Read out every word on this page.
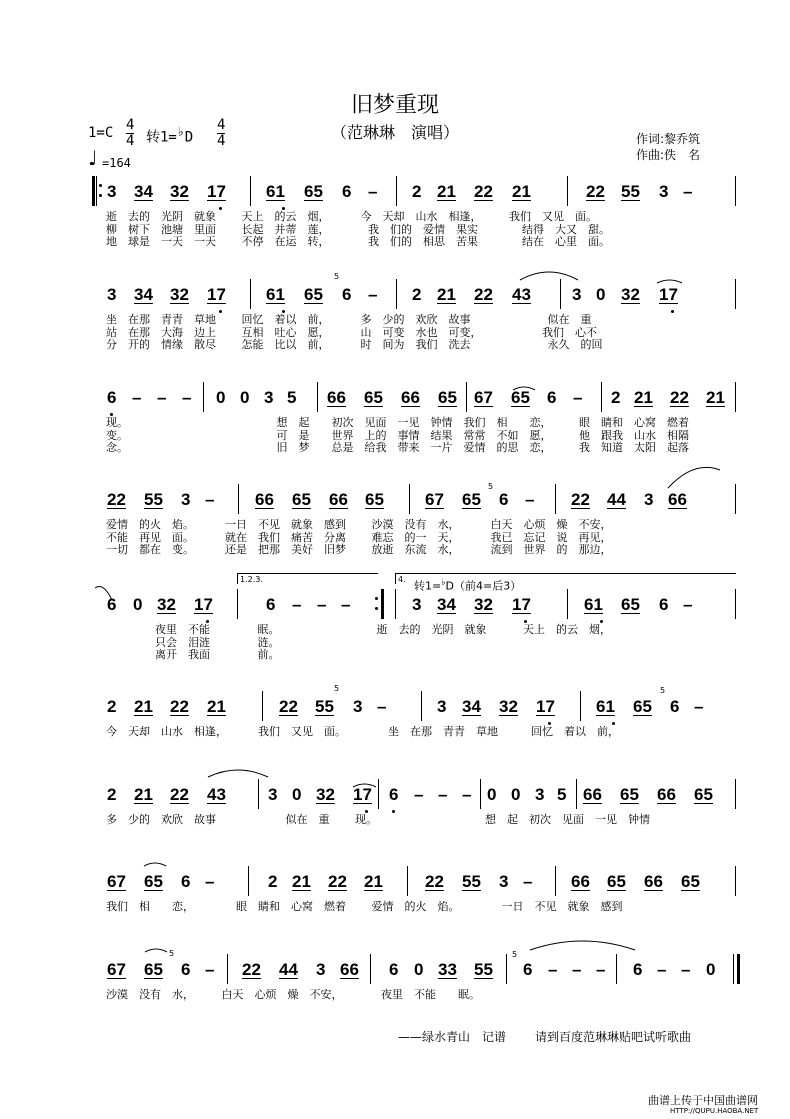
旧梦重现
（范琳琳　演唱）
1=C 4
4 转1=♭D
4
4
♩ =164
作词:黎乔筑
作曲:佚　名
3 34 32 17 61 65 6 – 2 21 22 21	22 55 3 –
逝　去的　光阴　就象　　 天上　的云　烟，　　　 今　天却　山水　相逢，　　　我们　又见　面。
柳　树下　池塘　里面　　 长起　并蒂　莲，　　　　我　们的　爱情　果实　　　　结得　大又　甜。
地　球是　一天　一天　　 不停　在运　转，　　　　我　们的　相思　苦果　　　　结在　心里　面。
3 34 32 17 61 65 6 – 2 21 22 43 3 0 32 17
坐　在那　青青　草地　　 回忆　着以　前，　　　 多　少的　欢欣　故事　　　　　　　似在　重
站　在那　大海　边上　　 互相　吐心　愿，　　　 山　可变　水也　可变，　　　　　　我们　心不
分　开的　情缘　散尽　　 怎能　比以　前，　　　 时　间为　我们　洗去　　　　　　　永久　的回
6 – – – 0 0 3 5 66 65 66 65 67 65 6 – 2 21 22 21
现。　　　　　　　　　　　　　　想　起　　初次　见面　一见　钟情　我们　相　　恋，　　　眼　睛和　心窝　燃着
变。　　　　　　　　　　　　　　可　是　　世界　上的　事情　结果　常常　不如　愿，　　　他　跟我　山水　相隔
念。　　　　　　　　　　　　　　旧　梦　　总是　给我　带来　一片　爱情　的思　恋，　　　我　知道　太阳　起落
22 55 3 – 66 65 66 65 67 65 6 – 22 44 3 66
爱情　的火　焰。　　　 一日　不见　就象　感到　　 沙漠　没有　水，　　　 白天　心烦　燥　不安，
不能　再见　面。　　　 就在　我们　痛苦　分离　　 难忘　的一　天，　　　 我已　忘记　说　再见，
一切　都在　变。　　　 还是　把那　美好　旧梦　　 放逝　东流　水，　　　 流到　世界　的　那边，
6 0 32 17	6 – – –	3 34 32 17	61 65 6 –
夜里　不能　　　　 眠。　　　　　　　　　 逝　去的　光阴　就象　　　 天上　的云　烟，
只会　泪涟　　　　 涟。
离开　我面　　　　 前。
2 21 22 21	22 55 3 –	3 34 32 17 61 65 6 –
今　天却　山水　相逢，　　　 我们　又见　面。　　　　 坐　在那　青青　草地　　　回忆　着以　前，
2 21 22 43 3 0 32 17 6 – – – 0 0 3 5 66 65 66 65
多　少的　欢欣　故事　　　　　　 似在　重　　 现。　　　　　　　　　　 想　起　初次　见面　一见　钟情
67 65 6 –	2 21 22 21 22 55 3 – 66 65 66 65
我们　相　　恋，　　　　 眼　睛和　心窝　燃着　　 爱情　的火　焰。　　　　 一日　不见　就象　感到
67 65 6 – 22 44 3 66 6 0 33 55 6 – – – 6 – – 0
沙漠　没有　水，　　　白天　心烦　燥　不安，　　　　夜里　不能　　眠。
1.2.3.	4.
转1=♭D（前4=后3）
5
5
5
5
5	5
——绿水青山　记谱 请到百度范琳琳贴吧试听歌曲
曲谱上传于中国曲谱网
HTTP://QUPU.HAOBA.NET
